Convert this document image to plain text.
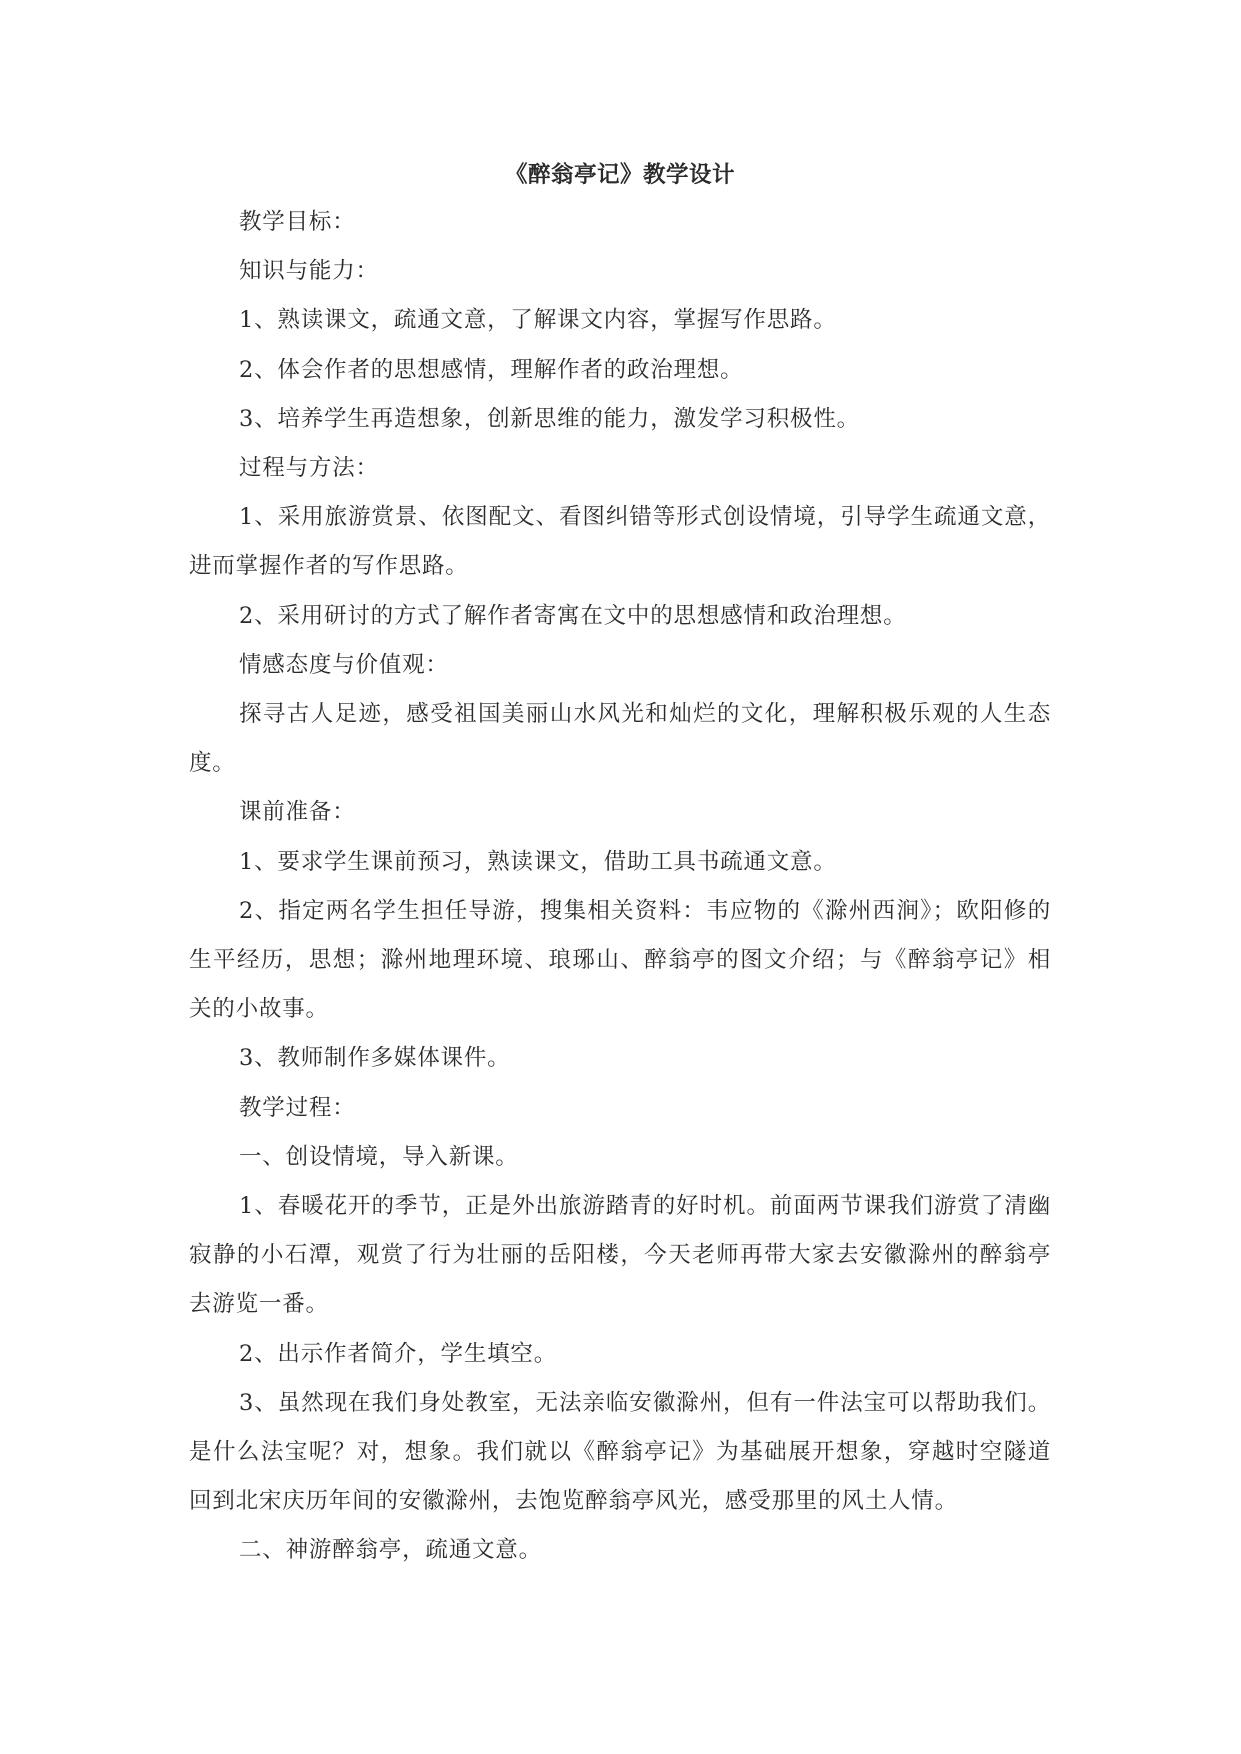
《醉翁亭记》教学设计

教学目标：

知识与能力：

1、熟读课文，疏通文意，了解课文内容，掌握写作思路。

2、体会作者的思想感情，理解作者的政治理想。

3、培养学生再造想象，创新思维的能力，激发学习积极性。

过程与方法：

1、采用旅游赏景、依图配文、看图纠错等形式创设情境，引导学生疏通文意，进而掌握作者的写作思路。

2、采用研讨的方式了解作者寄寓在文中的思想感情和政治理想。

情感态度与价值观：

探寻古人足迹，感受祖国美丽山水风光和灿烂的文化，理解积极乐观的人生态度。

课前准备：

1、要求学生课前预习，熟读课文，借助工具书疏通文意。

2、指定两名学生担任导游，搜集相关资料：韦应物的《滁州西涧》；欧阳修的生平经历，思想；滁州地理环境、琅琊山、醉翁亭的图文介绍；与《醉翁亭记》相关的小故事。

3、教师制作多媒体课件。

教学过程：

一、创设情境，导入新课。

1、春暖花开的季节，正是外出旅游踏青的好时机。前面两节课我们游赏了清幽寂静的小石潭，观赏了行为壮丽的岳阳楼，今天老师再带大家去安徽滁州的醉翁亭去游览一番。

2、出示作者简介，学生填空。

3、虽然现在我们身处教室，无法亲临安徽滁州，但有一件法宝可以帮助我们。是什么法宝呢？对，想象。我们就以《醉翁亭记》为基础展开想象，穿越时空隧道回到北宋庆历年间的安徽滁州，去饱览醉翁亭风光，感受那里的风土人情。

二、神游醉翁亭，疏通文意。
